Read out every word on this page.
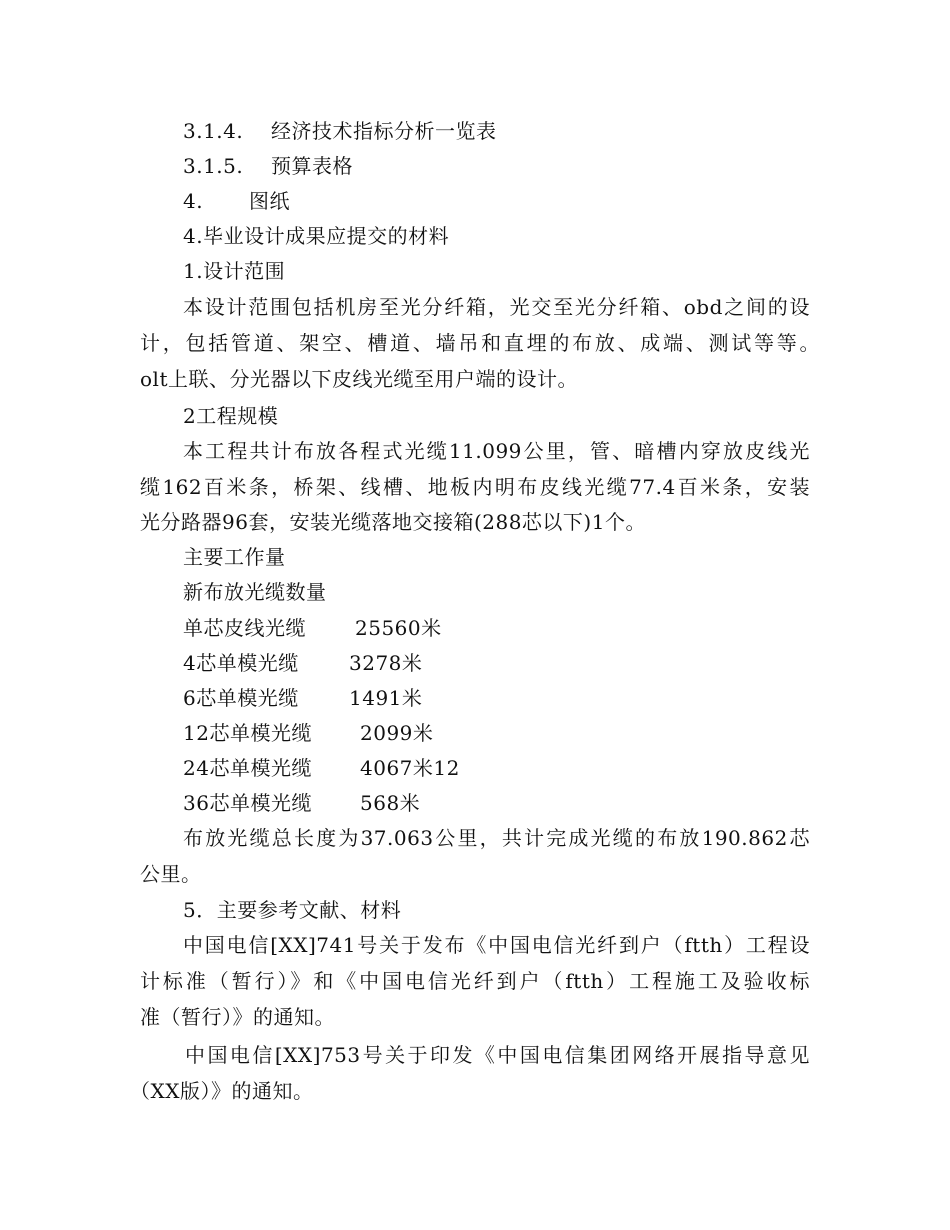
3.1.4. 经济技术指标分析一览表
3.1.5. 预算表格
4. 图纸
4.毕业设计成果应提交的材料
1.设计范围
本设计范围包括机房至光分纤箱，光交至光分纤箱、obd之间的设
计，包括管道、架空、槽道、墙吊和直埋的布放、成端、测试等等。
olt上联、分光器以下皮线光缆至用户端的设计。
2工程规模
本工程共计布放各程式光缆11.099公里，管、暗槽内穿放皮线光
缆162百米条，桥架、线槽、地板内明布皮线光缆77.4百米条，安装
光分路器96套，安装光缆落地交接箱(288芯以下)1个。
主要工作量
新布放光缆数量
单芯皮线光缆 25560米
4芯单模光缆	3278米
6芯单模光缆	1491米
12芯单模光缆 2099米
24芯单模光缆 4067米12
36芯单模光缆 568米
布放光缆总长度为37.063公里，共计完成光缆的布放190.862芯
公里。
5．主要参考文献、材料
中国电信[XX]741号关于发布《中国电信光纤到户（ftth）工程设
计标准（暂行）》和《中国电信光纤到户（ftth）工程施工及验收标
准（暂行）》的通知。
中国电信[XX]753号关于印发《中国电信集团网络开展指导意见
（XX版）》的通知。
